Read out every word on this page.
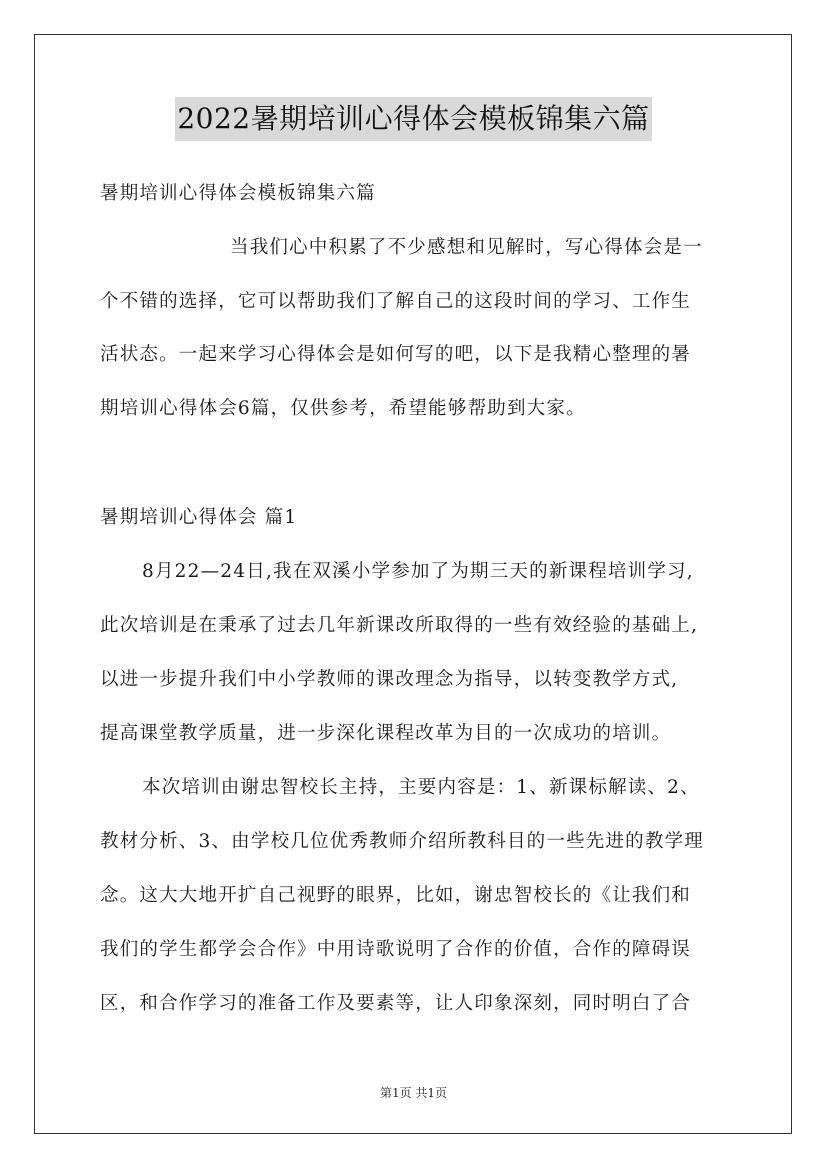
2022暑期培训心得体会模板锦集六篇
暑期培训心得体会模板锦集六篇
当我们心中积累了不少感想和见解时，写心得体会是一
个不错的选择，它可以帮助我们了解自己的这段时间的学习、工作生
活状态。一起来学习心得体会是如何写的吧，以下是我精心整理的暑
期培训心得体会6篇，仅供参考，希望能够帮助到大家。
暑期培训心得体会 篇1
8月22—24日,我在双溪小学参加了为期三天的新课程培训学习,
此次培训是在秉承了过去几年新课改所取得的一些有效经验的基础上,
以进一步提升我们中小学教师的课改理念为指导，以转变教学方式,
提高课堂教学质量，进一步深化课程改革为目的一次成功的培训。
本次培训由谢忠智校长主持，主要内容是：1、新课标解读、2、
教材分析、3、由学校几位优秀教师介绍所教科目的一些先进的教学理
念。这大大地开扩自己视野的眼界，比如，谢忠智校长的《让我们和
我们的学生都学会合作》中用诗歌说明了合作的价值，合作的障碍误
区，和合作学习的准备工作及要素等，让人印象深刻，同时明白了合
第1页 共1页
